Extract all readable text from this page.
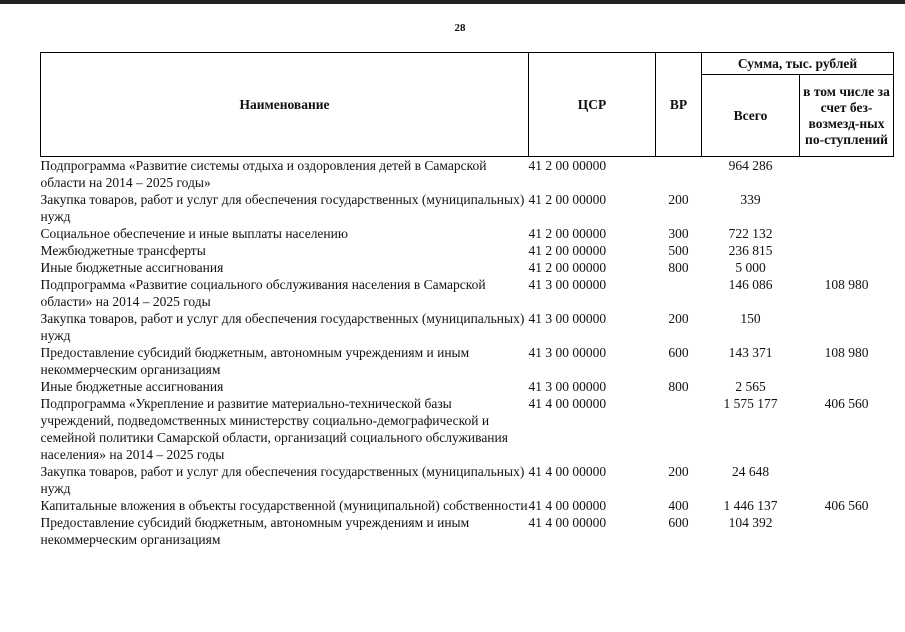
28
Наименование	ЦСР	ВР	Сумма, тыс. рублей	
			Всего	в том числе за счет без-возмезд-ных по-ступлений
Подпрограмма «Развитие системы отдыха и оздоровления детей в Самарской области на 2014 – 2025 годы»	41 2 00 00000		964 286	
Закупка товаров, работ и услуг для обеспечения государственных (муниципальных) нужд	41 2 00 00000	200	339	
Социальное обеспечение и иные выплаты населению	41 2 00 00000	300	722 132	
Межбюджетные трансферты	41 2 00 00000	500	236 815	
Иные бюджетные ассигнования	41 2 00 00000	800	5 000	
Подпрограмма «Развитие социального обслуживания населения в Самарской области» на 2014 – 2025 годы	41 3 00 00000		146 086	108 980
Закупка товаров, работ и услуг для обеспечения государственных (муниципальных) нужд	41 3 00 00000	200	150	
Предоставление субсидий бюджетным, автономным учреждениям и иным некоммерческим организациям	41 3 00 00000	600	143 371	108 980
Иные бюджетные ассигнования	41 3 00 00000	800	2 565	
Подпрограмма «Укрепление и развитие материально-технической базы учреждений, подведомственных министерству социально-демографической и семейной политики Самарской области, организаций социального обслуживания населения» на 2014 – 2025 годы	41 4 00 00000		1 575 177	406 560
Закупка товаров, работ и услуг для обеспечения государственных (муниципальных) нужд	41 4 00 00000	200	24 648	
Капитальные вложения в объекты государственной (муниципальной) собственности	41 4 00 00000	400	1 446 137	406 560
Предоставление субсидий бюджетным, автономным учреждениям и иным некоммерческим организациям	41 4 00 00000	600	104 392	
